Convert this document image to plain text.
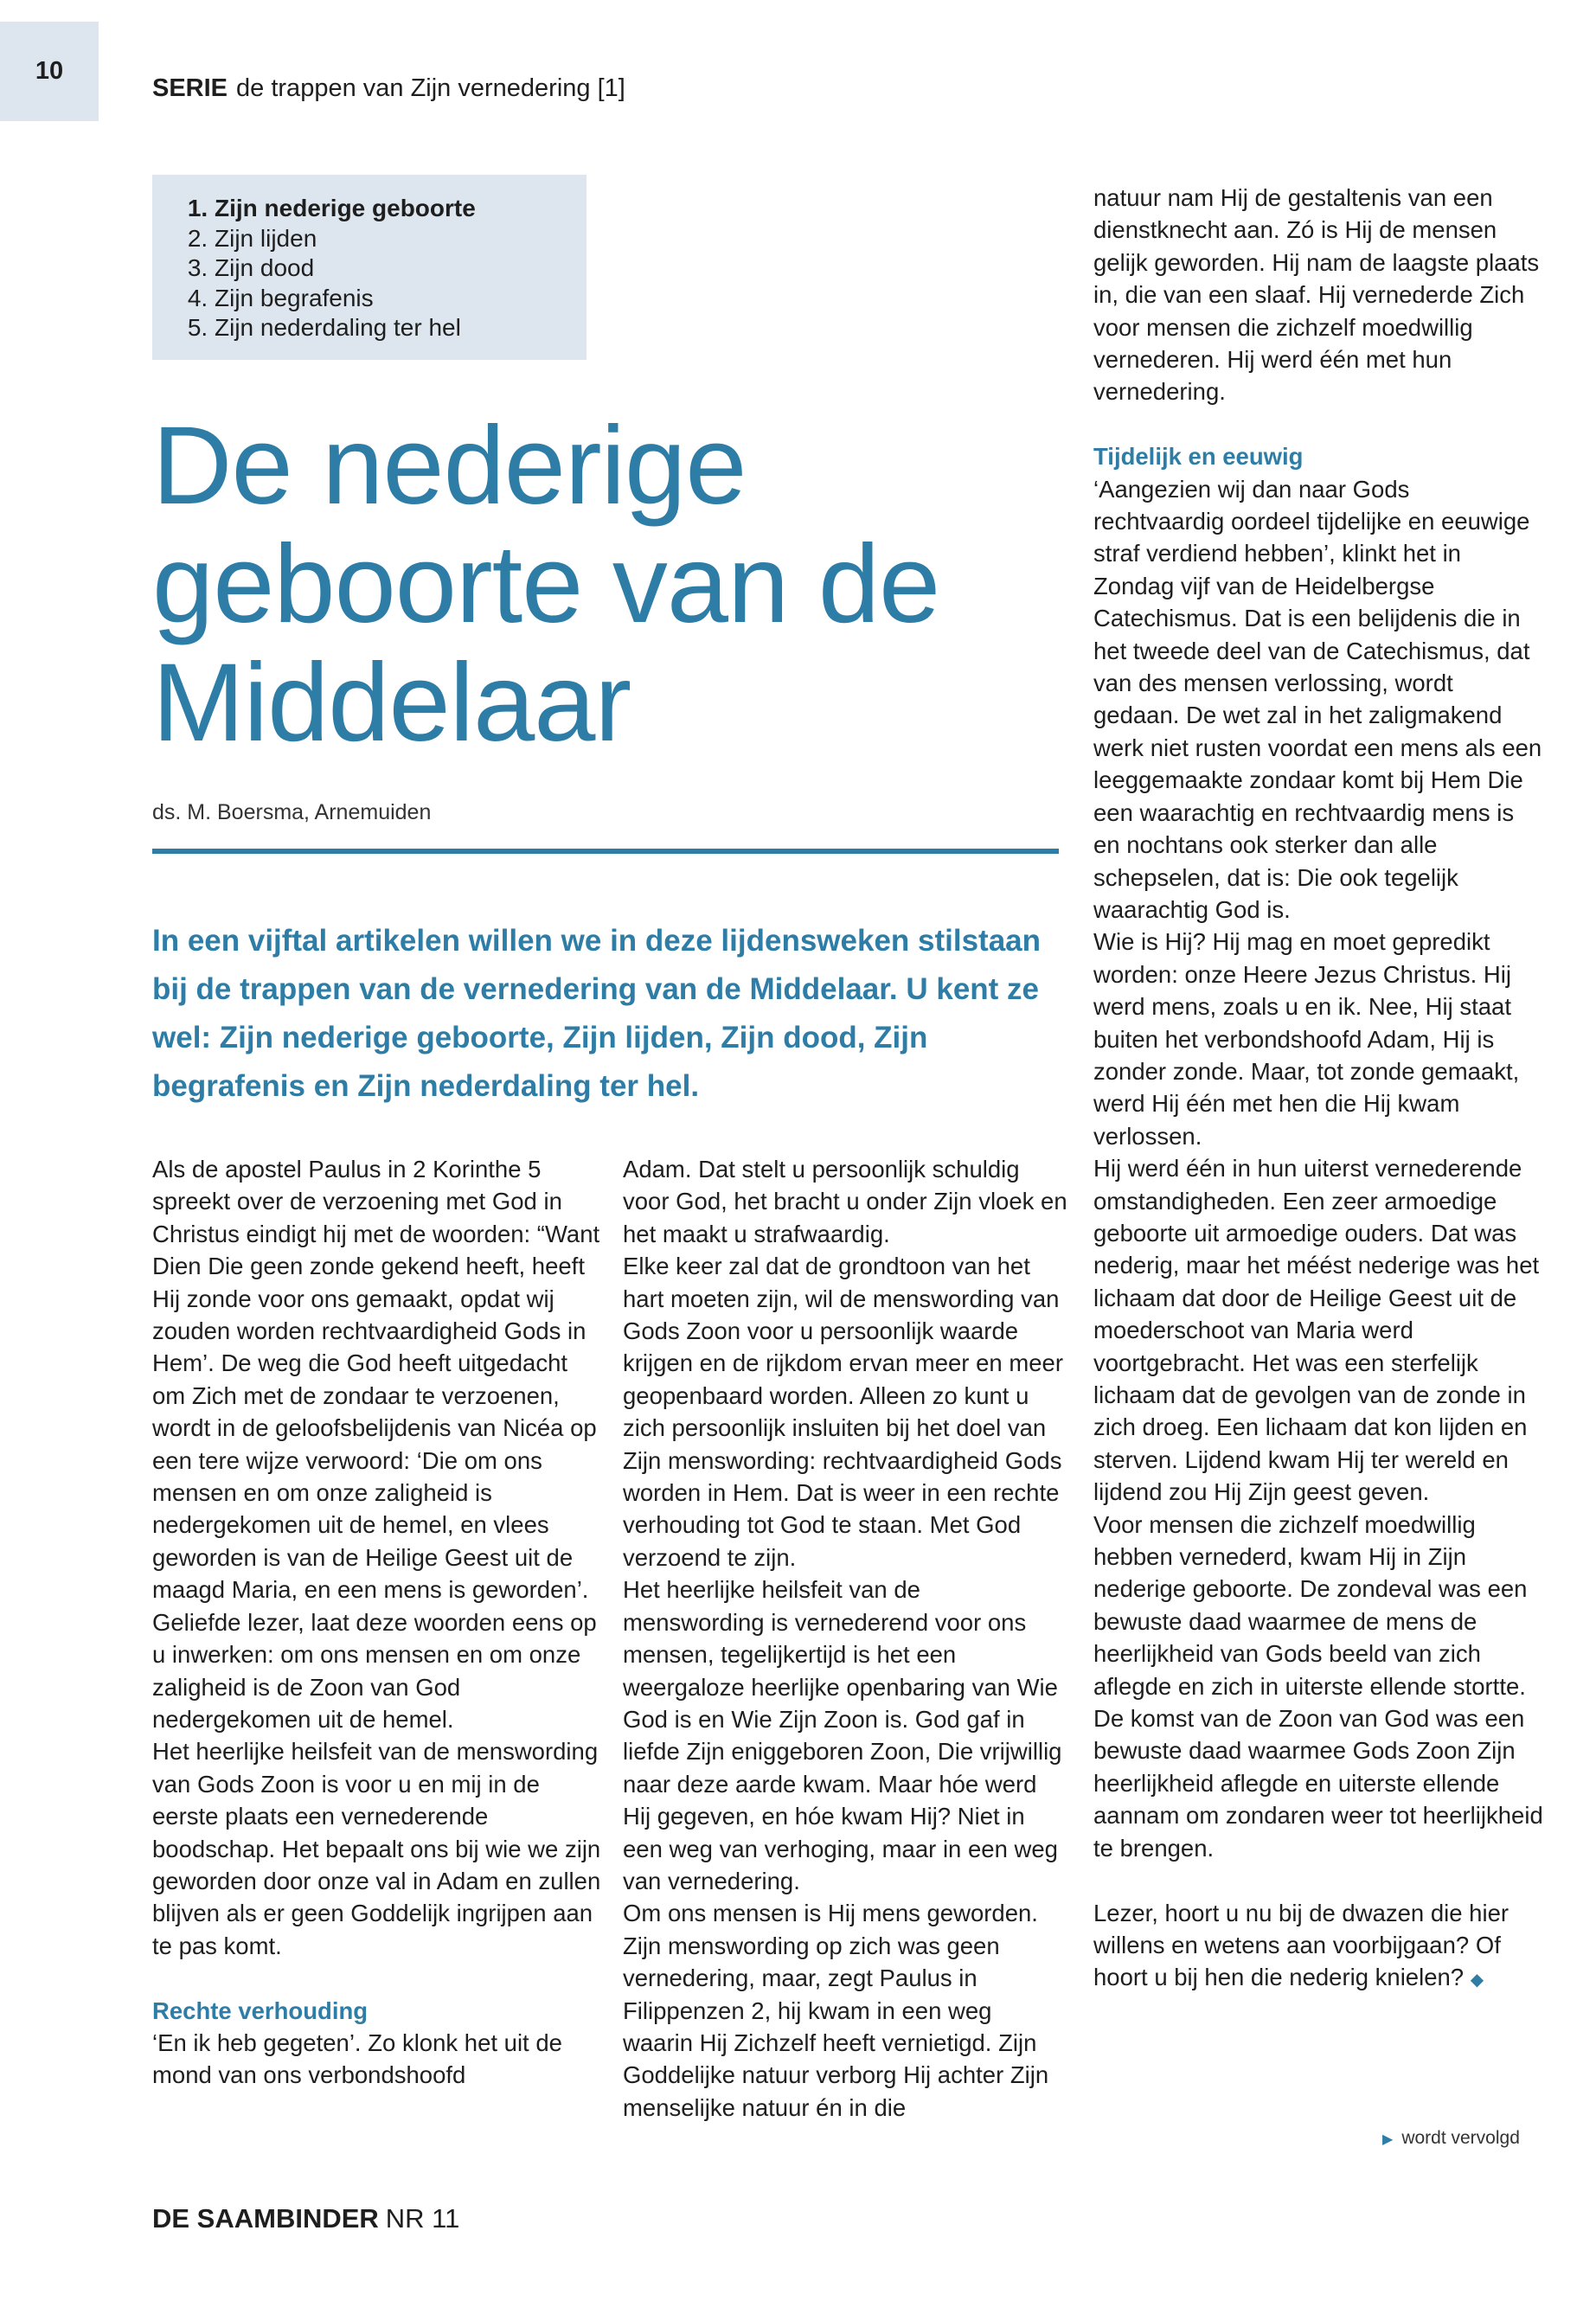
10
SERIE de trappen van Zijn vernedering [1]
1. Zijn nederige geboorte
2. Zijn lijden
3. Zijn dood
4. Zijn begrafenis
5. Zijn nederdaling ter hel
De nederige geboorte van de Middelaar
ds. M. Boersma, Arnemuiden

In een vijftal artikelen willen we in deze lijdensweken stilstaan bij de trappen van de vernedering van de Middelaar. U kent ze wel: Zijn nederige geboorte, Zijn lijden, Zijn dood, Zijn begrafenis en Zijn nederdaling ter hel.

Als de apostel Paulus in 2 Korinthe 5 spreekt over de verzoening met God in Christus eindigt hij met de woorden: “Want Dien Die geen zonde gekend heeft, heeft Hij zonde voor ons gemaakt, opdat wij zouden worden rechtvaardigheid Gods in Hem’. De weg die God heeft uitgedacht om Zich met de zondaar te verzoenen, wordt in de geloofsbelijdenis van Nicéa op een tere wijze verwoord: ‘Die om ons mensen en om onze zaligheid is nedergekomen uit de hemel, en vlees geworden is van de Heilige Geest uit de maagd Maria, en een mens is geworden’.

Geliefde lezer, laat deze woorden eens op u inwerken: om ons mensen en om onze zaligheid is de Zoon van God nedergekomen uit de hemel.

Het heerlijke heilsfeit van de menswording van Gods Zoon is voor u en mij in de eerste plaats een vernederende boodschap. Het bepaalt ons bij wie we zijn geworden door onze val in Adam en zullen blijven als er geen Goddelijk ingrijpen aan te pas komt.

Rechte verhouding

‘En ik heb gegeten’. Zo klonk het uit de mond van ons verbondshoofd

Adam. Dat stelt u persoonlijk schuldig voor God, het bracht u onder Zijn vloek en het maakt u strafwaardig.

Elke keer zal dat de grondtoon van het hart moeten zijn, wil de menswording van Gods Zoon voor u persoonlijk waarde krijgen en de rijkdom ervan meer en meer geopenbaard worden. Alleen zo kunt u zich persoonlijk insluiten bij het doel van Zijn menswording: rechtvaardigheid Gods worden in Hem. Dat is weer in een rechte verhouding tot God te staan. Met God verzoend te zijn.

Het heerlijke heilsfeit van de menswording is vernederend voor ons mensen, tegelijkertijd is het een weergaloze heerlijke openbaring van Wie God is en Wie Zijn Zoon is. God gaf in liefde Zijn eniggeboren Zoon, Die vrijwillig naar deze aarde kwam. Maar hóe werd Hij gegeven, en hóe kwam Hij? Niet in een weg van verhoging, maar in een weg van vernedering.

Om ons mensen is Hij mens geworden. Zijn menswording op zich was geen vernedering, maar, zegt Paulus in Filippenzen 2, hij kwam in een weg waarin Hij Zichzelf heeft vernietigd. Zijn Goddelijke natuur verborg Hij achter Zijn menselijke natuur én in die

natuur nam Hij de gestaltenis van een dienstknecht aan. Zó is Hij de mensen gelijk geworden. Hij nam de laagste plaats in, die van een slaaf. Hij vernederde Zich voor mensen die zichzelf moedwillig vernederen. Hij werd één met hun vernedering.

Tijdelijk en eeuwig

‘Aangezien wij dan naar Gods rechtvaardig oordeel tijdelijke en eeuwige straf verdiend hebben’, klinkt het in Zondag vijf van de Heidelbergse Catechismus. Dat is een belijdenis die in het tweede deel van de Catechismus, dat van des mensen verlossing, wordt gedaan. De wet zal in het zaligmakend werk niet rusten voordat een mens als een leeggemaakte zondaar komt bij Hem Die een waarachtig en rechtvaardig mens is en nochtans ook sterker dan alle schepselen, dat is: Die ook tegelijk waarachtig God is.

Wie is Hij? Hij mag en moet gepredikt worden: onze Heere Jezus Christus. Hij werd mens, zoals u en ik. Nee, Hij staat buiten het verbondshoofd Adam, Hij is zonder zonde. Maar, tot zonde gemaakt, werd Hij één met hen die Hij kwam verlossen.

Hij werd één in hun uiterst vernederende omstandigheden. Een zeer armoedige geboorte uit armoedige ouders. Dat was nederig, maar het méést nederige was het lichaam dat door de Heilige Geest uit de moederschoot van Maria werd voortgebracht. Het was een sterfelijk lichaam dat de gevolgen van de zonde in zich droeg. Een lichaam dat kon lijden en sterven. Lijdend kwam Hij ter wereld en lijdend zou Hij Zijn geest geven.

Voor mensen die zichzelf moedwillig hebben vernederd, kwam Hij in Zijn nederige geboorte. De zondeval was een bewuste daad waarmee de mens de heerlijkheid van Gods beeld van zich aflegde en zich in uiterste ellende stortte. De komst van de Zoon van God was een bewuste daad waarmee Gods Zoon Zijn heerlijkheid aflegde en uiterste ellende aannam om zondaren weer tot heerlijkheid te brengen.

Lezer, hoort u nu bij de dwazen die hier willens en wetens aan voorbijgaan? Of hoort u bij hen die nederig knielen? ◆

▶ wordt vervolgd
DE SAAMBINDER NR 11
